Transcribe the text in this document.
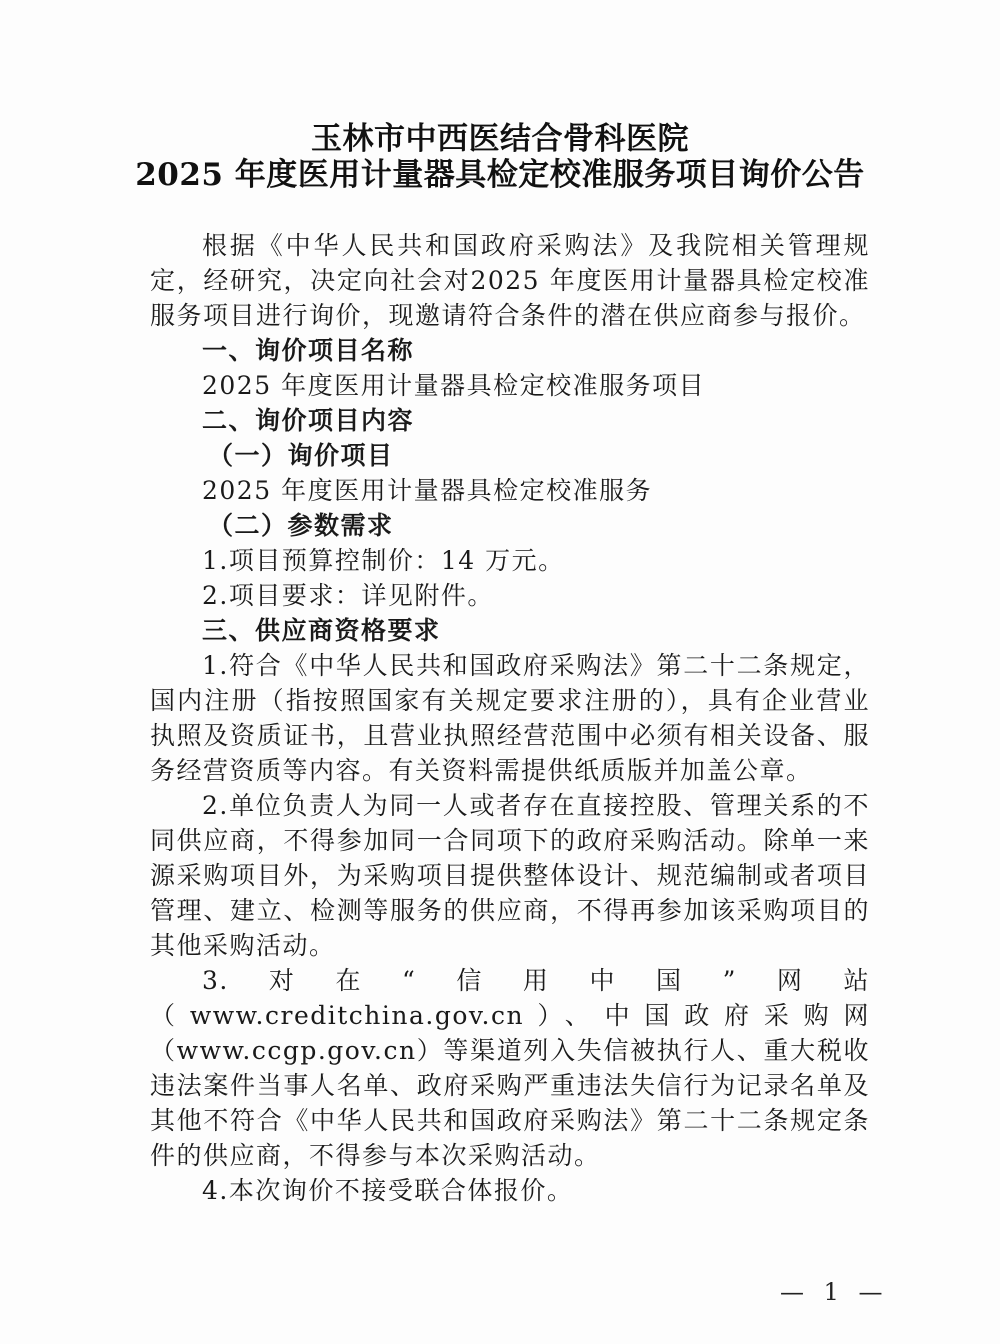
玉林市中西医结合骨科医院
2025 年度医用计量器具检定校准服务项目询价公告

根据《中华人民共和国政府采购法》及我院相关管理规定，经研究，决定向社会对2025 年度医用计量器具检定校准服务项目进行询价，现邀请符合条件的潜在供应商参与报价。

一、询价项目名称

2025 年度医用计量器具检定校准服务项目

二、询价项目内容

（一）询价项目

2025 年度医用计量器具检定校准服务

（二）参数需求

1.项目预算控制价：14 万元。

2.项目要求：详见附件。

三、供应商资格要求

1.符合《中华人民共和国政府采购法》第二十二条规定，国内注册（指按照国家有关规定要求注册的），具有企业营业执照及资质证书，且营业执照经营范围中必须有相关设备、服务经营资质等内容。有关资料需提供纸质版并加盖公章。

2.单位负责人为同一人或者存在直接控股、管理关系的不同供应商，不得参加同一合同项下的政府采购活动。除单一来源采购项目外，为采购项目提供整体设计、规范编制或者项目管理、建立、检测等服务的供应商，不得再参加该采购项目的其他采购活动。

3.对在“信用中国”网站（www.creditchina.gov.cn）、中国政府采购网（www.ccgp.gov.cn）等渠道列入失信被执行人、重大税收违法案件当事人名单、政府采购严重违法失信行为记录名单及其他不符合《中华人民共和国政府采购法》第二十二条规定条件的供应商，不得参与本次采购活动。

4.本次询价不接受联合体报价。

— 1 —
